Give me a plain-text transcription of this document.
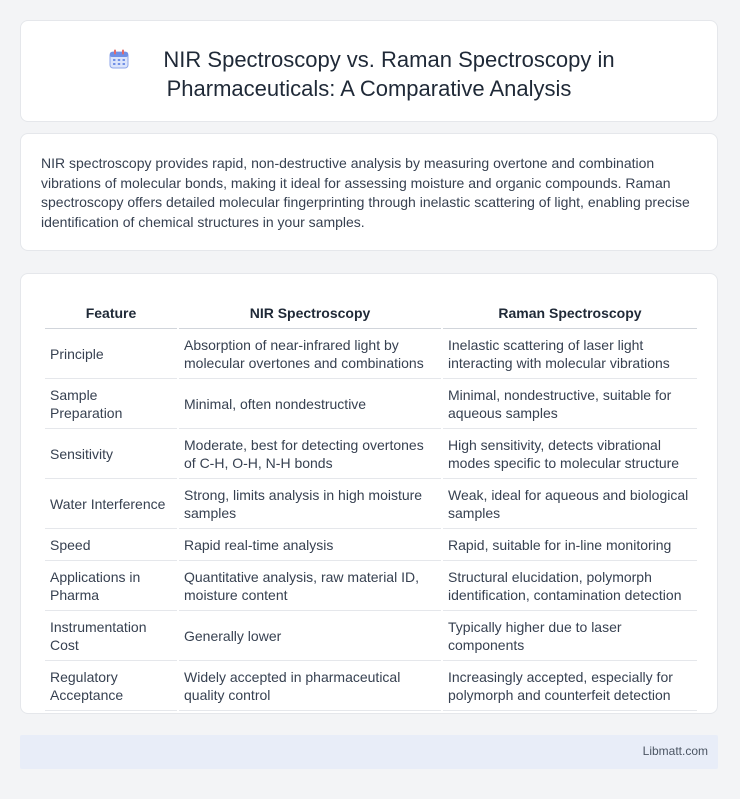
NIR Spectroscopy vs. Raman Spectroscopy in
Pharmaceuticals: A Comparative Analysis
NIR spectroscopy provides rapid, non-destructive analysis by measuring overtone and combination vibrations of molecular bonds, making it ideal for assessing moisture and organic compounds. Raman spectroscopy offers detailed molecular fingerprinting through inelastic scattering of light, enabling precise identification of chemical structures in your samples.
Feature	NIR Spectroscopy	Raman Spectroscopy
Principle	Absorption of near-infrared light by molecular overtones and combinations	Inelastic scattering of laser light interacting with molecular vibrations
Sample Preparation	Minimal, often nondestructive	Minimal, nondestructive, suitable for aqueous samples
Sensitivity	Moderate, best for detecting overtones of C-H, O-H, N-H bonds	High sensitivity, detects vibrational modes specific to molecular structure
Water Interference	Strong, limits analysis in high moisture samples	Weak, ideal for aqueous and biological samples
Speed	Rapid real-time analysis	Rapid, suitable for in-line monitoring
Applications in Pharma	Quantitative analysis, raw material ID, moisture content	Structural elucidation, polymorph identification, contamination detection
Instrumentation Cost	Generally lower	Typically higher due to laser components
Regulatory Acceptance	Widely accepted in pharmaceutical quality control	Increasingly accepted, especially for polymorph and counterfeit detection
Libmatt.com
